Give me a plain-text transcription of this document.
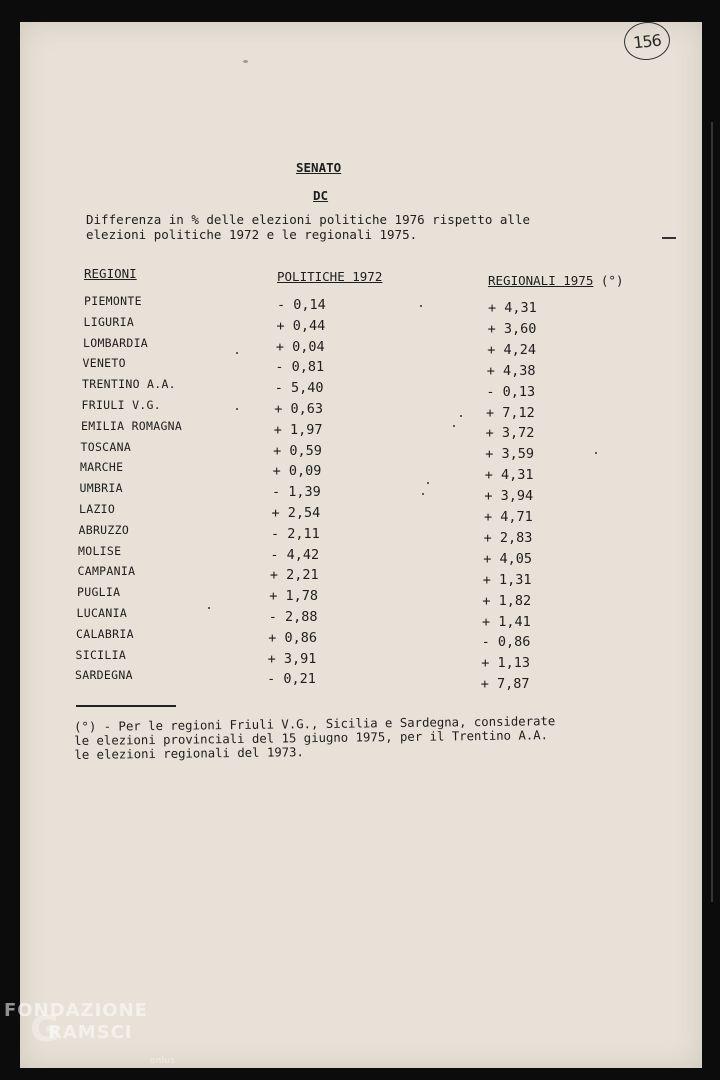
156
SENATO
DC
Differenza in % delle elezioni politiche 1976 rispetto alle
elezioni politiche 1972 e le regionali 1975.
REGIONI	POLITICHE 1972	REGIONALI 1975 (°)
PIEMONTE	- 0,14	+ 4,31
LIGURIA	+ 0,44	+ 3,60
LOMBARDIA	+ 0,04	+ 4,24
VENETO	- 0,81	+ 4,38
TRENTINO A.A.	- 5,40	- 0,13
FRIULI V.G.	+ 0,63	+ 7,12
EMILIA ROMAGNA	+ 1,97	+ 3,72
TOSCANA	+ 0,59	+ 3,59
MARCHE	+ 0,09	+ 4,31
UMBRIA	- 1,39	+ 3,94
LAZIO	+ 2,54	+ 4,71
ABRUZZO	- 2,11	+ 2,83
MOLISE	- 4,42	+ 4,05
CAMPANIA	+ 2,21	+ 1,31
PUGLIA	+ 1,78	+ 1,82
LUCANIA	- 2,88	+ 1,41
CALABRIA	+ 0,86	- 0,86
SICILIA	+ 3,91	+ 1,13
SARDEGNA	- 0,21	+ 7,87
(°) - Per le regioni Friuli V.G., Sicilia e Sardegna, considerate
le elezioni provinciali del 15 giugno 1975, per il Trentino A.A.
le elezioni regionali del 1973.
FONDAZIONE
RAMSCI
G
onlus
